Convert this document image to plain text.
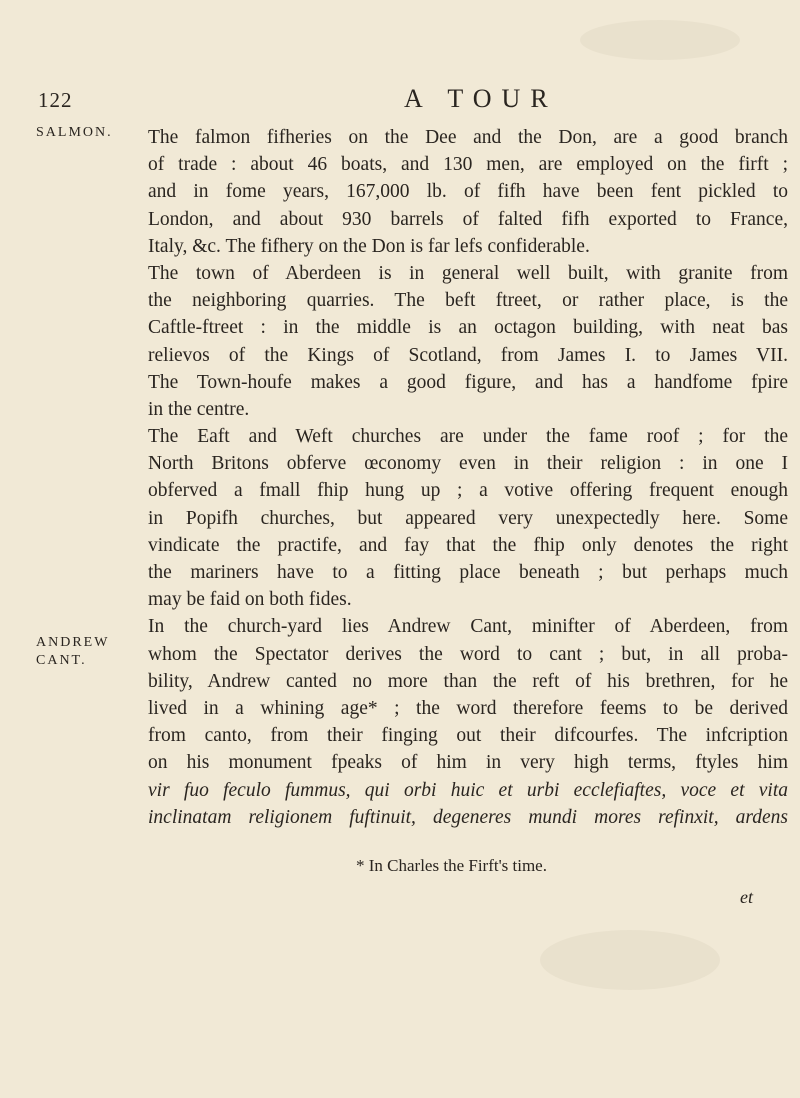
122	A TOUR
SALMON.
ANDREW
CANT.
The falmon fifheries on the Dee and the Don, are a good branch
of trade : about 46 boats, and 130 men, are employed on the firft ;
and in fome years, 167,000 lb. of fifh have been fent pickled to
London, and about 930 barrels of falted fifh exported to France,
Italy, &c. The fifhery on the Don is far lefs confiderable.
The town of Aberdeen is in general well built, with granite from
the neighboring quarries. The beft ftreet, or rather place, is the
Caftle-ftreet : in the middle is an octagon building, with neat bas
relievos of the Kings of Scotland, from James I. to James VII.
The Town-houfe makes a good figure, and has a handfome fpire
in the centre.
The Eaft and Weft churches are under the fame roof ; for the
North Britons obferve œconomy even in their religion : in one I
obferved a fmall fhip hung up ; a votive offering frequent enough
in Popifh churches, but appeared very unexpectedly here. Some
vindicate the practife, and fay that the fhip only denotes the right
the mariners have to a fitting place beneath ; but perhaps much
may be faid on both fides.
In the church-yard lies Andrew Cant, minifter of Aberdeen, from
whom the Spectator derives the word to cant ; but, in all proba-
bility, Andrew canted no more than the reft of his brethren, for he
lived in a whining age* ; the word therefore feems to be derived
from canto, from their finging out their difcourfes. The infcription
on his monument fpeaks of him in very high terms, ftyles him
vir fuo feculo fummus, qui orbi huic et urbi ecclefiaftes, voce et vita
inclinatam religionem fuftinuit, degeneres mundi mores refinxit, ardens
* In Charles the Firft's time.
et
